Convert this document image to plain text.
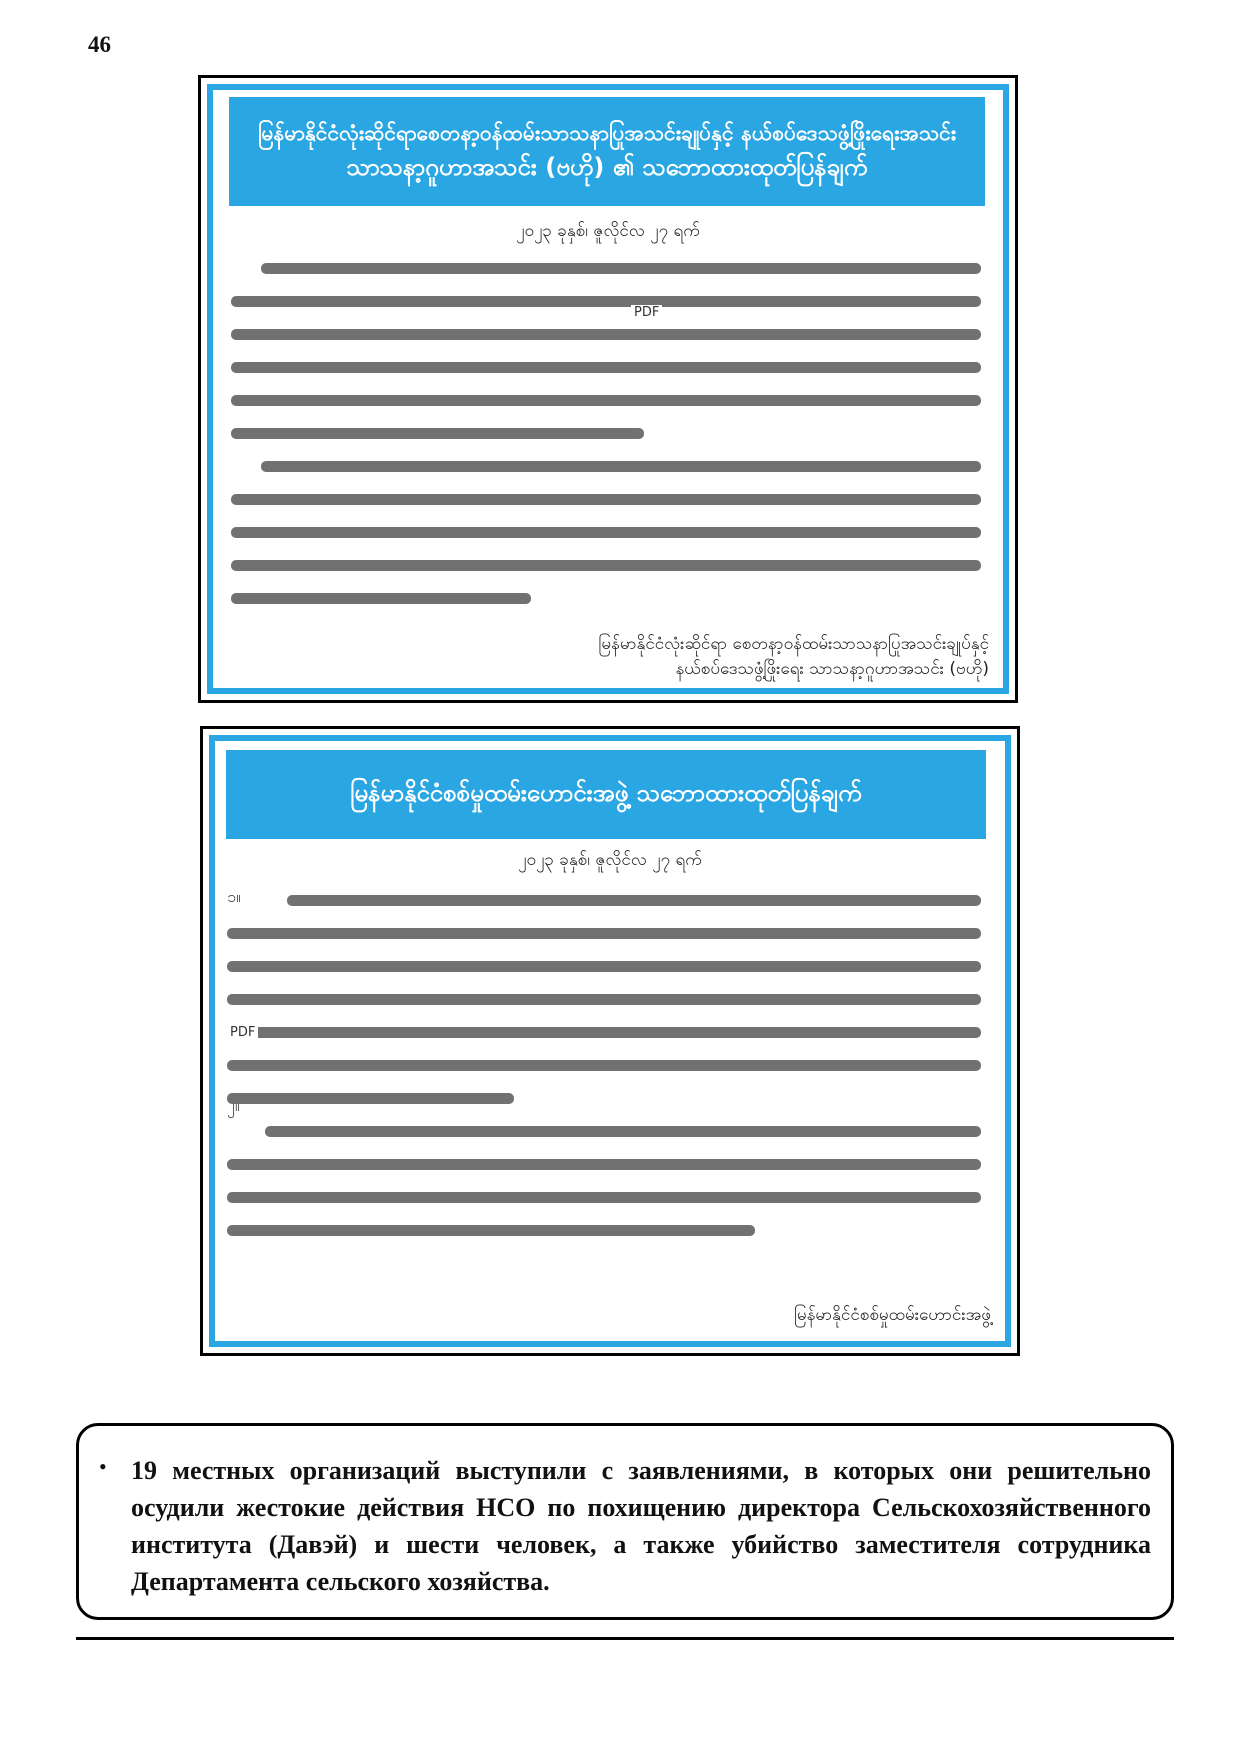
46
မြန်မာနိုင်ငံလုံးဆိုင်ရာစေတနာ့ဝန်ထမ်းသာသနာပြုအသင်းချုပ်နှင့် နယ်စပ်ဒေသဖွံ့ဖြိုးရေးအသင်း
သာသနာ့ဂူဟာအသင်း (ဗဟို) ၏ သဘောထားထုတ်ပြန်ချက်
၂၀၂၃ ခုနှစ်၊ ဇူလိုင်လ ၂၇ ရက်
PDF
မြန်မာနိုင်ငံလုံးဆိုင်ရာ စေတနာ့ဝန်ထမ်းသာသနာပြုအသင်းချုပ်နှင့်
နယ်စပ်ဒေသဖွံ့ဖြိုးရေး သာသနာ့ဂူဟာအသင်း (ဗဟို)
မြန်မာနိုင်ငံစစ်မှုထမ်းဟောင်းအဖွဲ့ သဘောထားထုတ်ပြန်ချက်
၂၀၂၃ ခုနှစ်၊ ဇူလိုင်လ ၂၇ ရက်
၁။
၂။
PDF
မြန်မာနိုင်ငံစစ်မှုထမ်းဟောင်းအဖွဲ့
• 19 местных организаций выступили с заявлениями, в которых они решительно осудили жестокие действия НСО по похищению директора Сельскохозяйственного института (Давэй) и шести человек, а также убийство заместителя сотрудника Департамента сельского хозяйства.
